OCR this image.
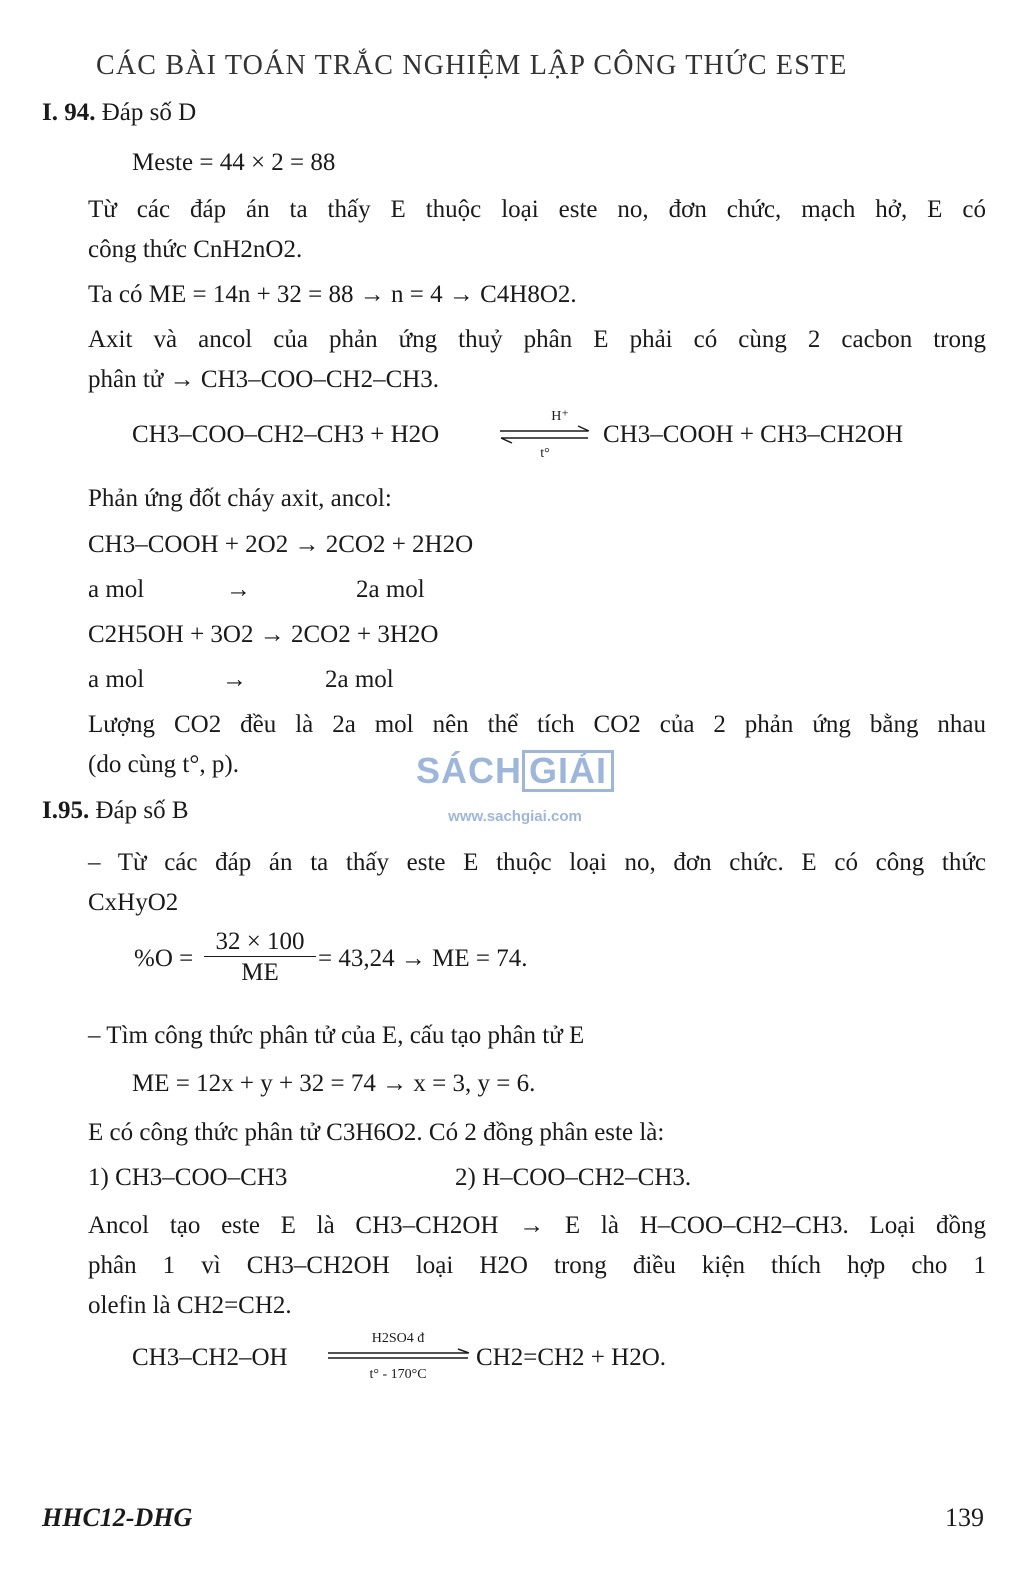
CÁC BÀI TOÁN TRẮC NGHIỆM LẬP CÔNG THỨC ESTE
I. 94. Đáp số D
Meste = 44 × 2 = 88
Từ các đáp án ta thấy E thuộc loại este no, đơn chức, mạch hở, E có
công thức CnH2nO2.
Ta có ME = 14n + 32 = 88 → n = 4 → C4H8O2.
Axit và ancol của phản ứng thuỷ phân E phải có cùng 2 cacbon trong
phân tử → CH3–COO–CH2–CH3.
CH3–COO–CH2–CH3 + H2O
H⁺
t°
CH3–COOH + CH3–CH2OH
Phản ứng đốt cháy axit, ancol:
CH3–COOH + 2O2 → 2CO2 + 2H2O
a mol	→	2a mol
C2H5OH + 3O2 → 2CO2 + 3H2O
a mol	→	2a mol
Lượng CO2 đều là 2a mol nên thể tích CO2 của 2 phản ứng bằng nhau
(do cùng t°, p).	SÁCH GIẢI
www.sachgiai.com
I.95. Đáp số B
– Từ các đáp án ta thấy este E thuộc loại no, đơn chức. E có công thức
CxHyO2
$\%O = \frac{32 \times 100}{ME} = 43,24$ → ME = 74.
– Tìm công thức phân tử của E, cấu tạo phân tử E
ME = 12x + y + 32 = 74 → x = 3, y = 6.
E có công thức phân tử C3H6O2. Có 2 đồng phân este là:
1) CH3–COO–CH3	2) H–COO–CH2–CH3.
Ancol tạo este E là CH3–CH2OH → E là H–COO–CH2–CH3. Loại đồng
phân 1 vì CH3–CH2OH loại H2O trong điều kiện thích hợp cho 1
olefin là CH2=CH2.
CH3–CH2–OH
H2SO4 đ
t° - 170°C
CH2=CH2 + H2O.
HHC12-DHG	139
